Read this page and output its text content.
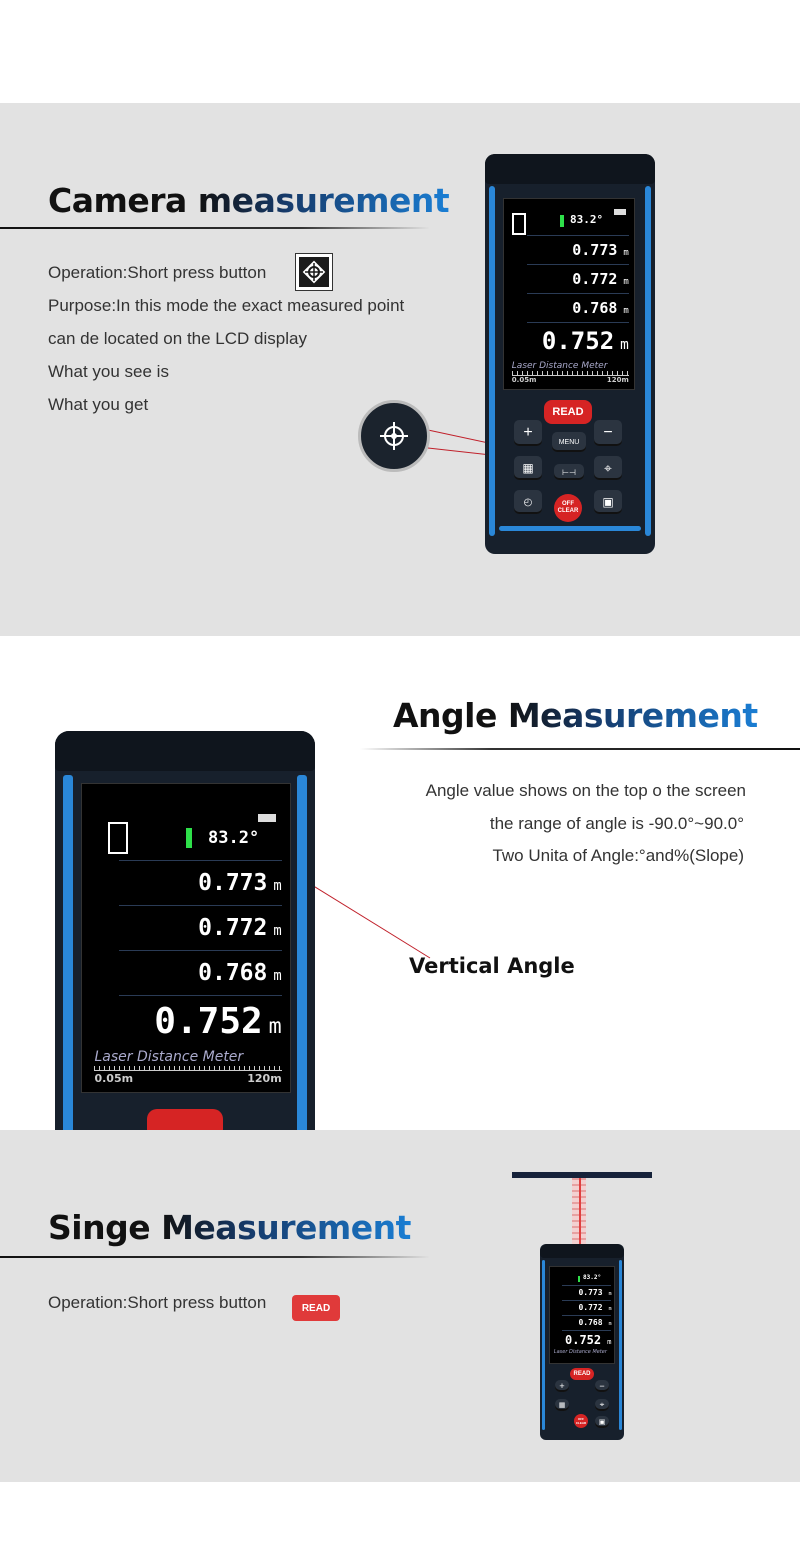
Camera measurement
Operation:Short press button
Purpose:In this mode the exact measured point
can de located on the LCD display
What you see is
What you get
83.2°
0.773 m
0.772 m
0.768 m
0.752 m
Laser Distance Meter
0.05m	120m
READ
+	−
MENU
▦	⊢⊣	⌖
◴	OFF CLEAR
▣
Angle Measurement
Angle value shows on the top o the screen
the range of angle is -90.0°~90.0°
Two Unita of Angle:°and%(Slope)
Vertical Angle
83.2°
0.773 m
0.772 m
0.768 m
0.752 m
Laser Distance Meter
0.05m	120m
Singe Measurement
Operation:Short press button	READ
83.2°
0.773 m
0.772 m
0.768 m
0.752 m
Laser Distance Meter
READ
+	−
▦	⌖
OFF CLEAR	▣
